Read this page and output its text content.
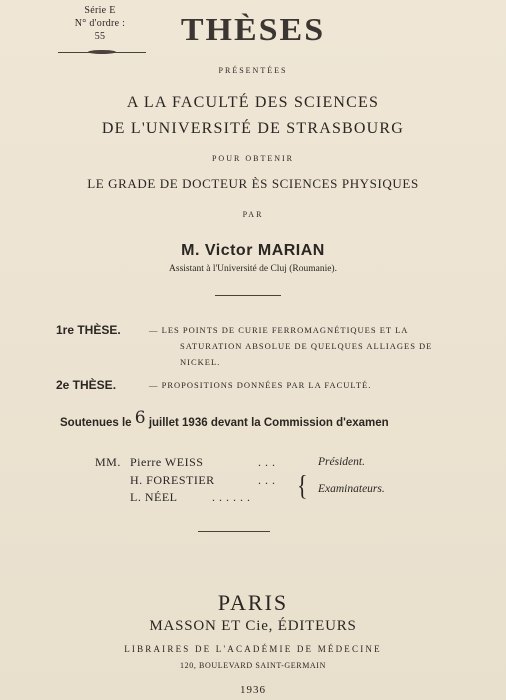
Série E
N° d'ordre :
55	THÈSES
PRÉSENTÉES
A LA FACULTÉ DES SCIENCES
DE L'UNIVERSITÉ DE STRASBOURG
POUR OBTENIR
LE GRADE DE DOCTEUR ÈS SCIENCES PHYSIQUES
PAR
M. Victor MARIAN
Assistant à l'Université de Cluj (Roumanie).
1re THÈSE.	— LES POINTS DE CURIE FERROMAGNÉTIQUES ET LA
SATURATION ABSOLUE DE QUELQUES ALLIAGES DE
NICKEL.
2e THÈSE.	— PROPOSITIONS DONNÉES PAR LA FACULTÉ.
Soutenues le 6 juillet 1936 devant la Commission d'examen
MM. Pierre WEISS	. . .	Président.
H. FORESTIER	. . . { Examinateurs.
L. NÉEL	. . . . . .
PARIS
MASSON ET Cie, ÉDITEURS
LIBRAIRES DE L'ACADÉMIE DE MÉDECINE
120, BOULEVARD SAINT-GERMAIN
1936
